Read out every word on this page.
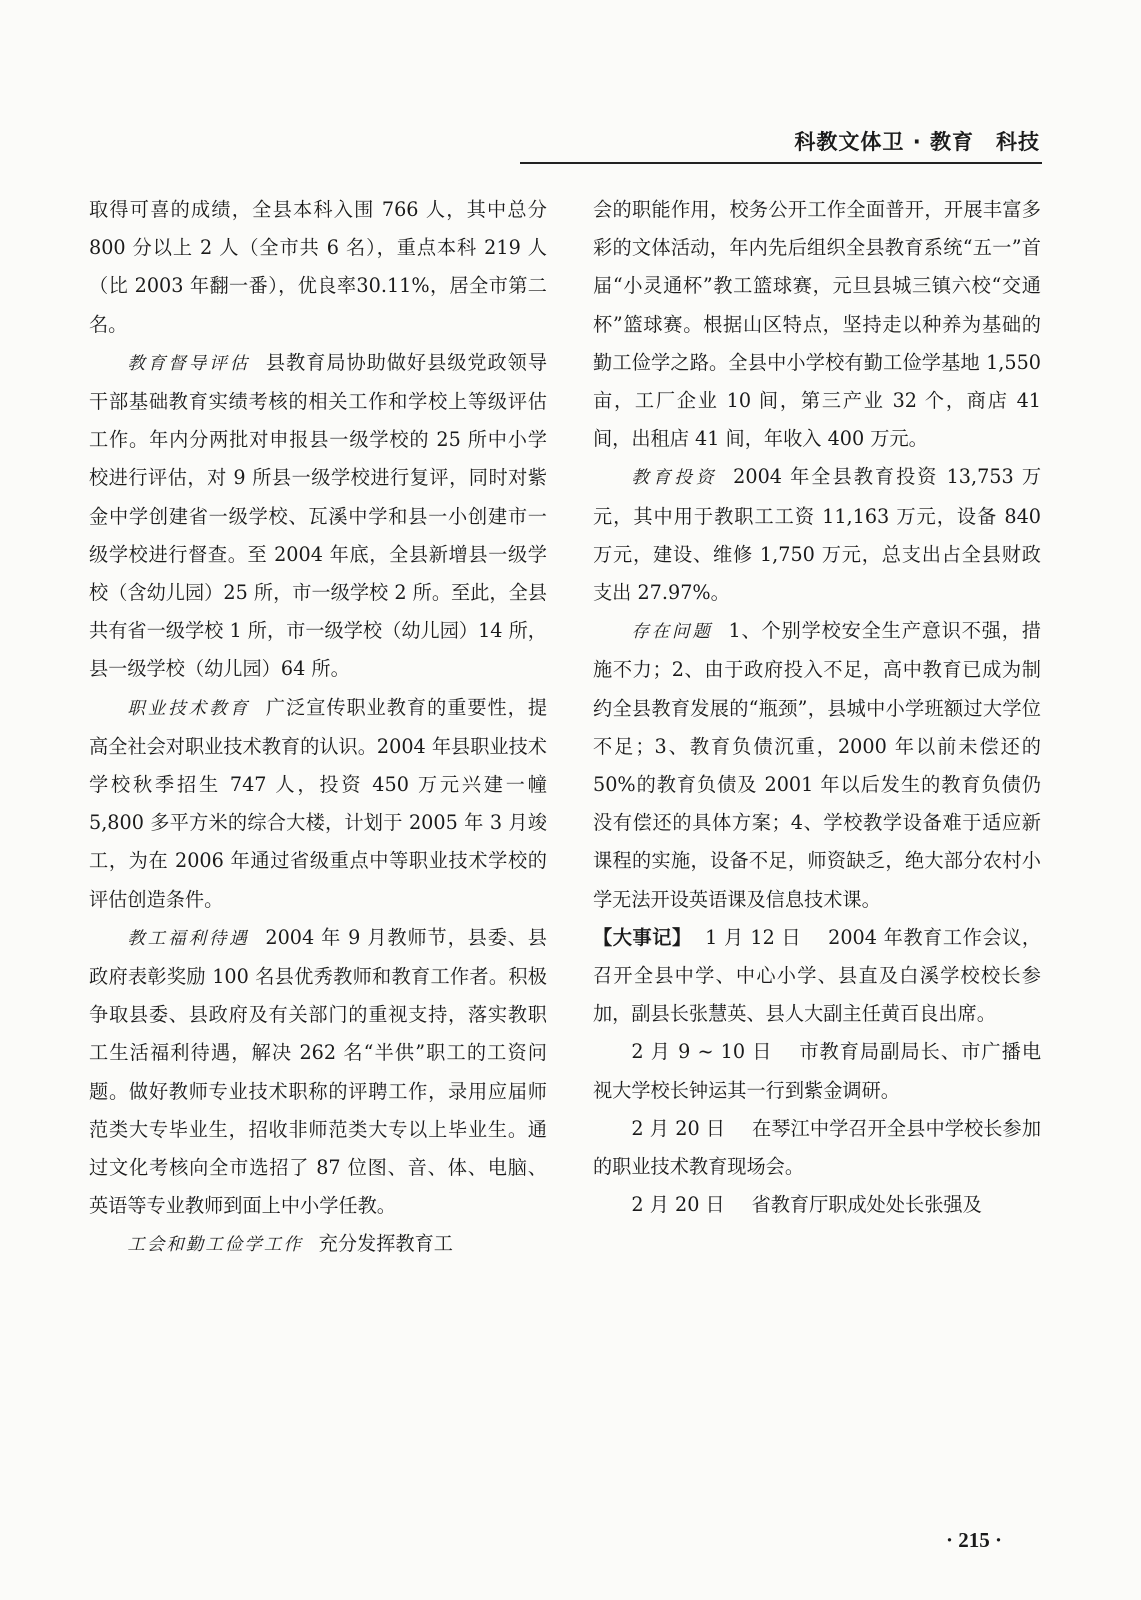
科教文体卫 · 教育　科技

取得可喜的成绩，全县本科入围 766 人，其中总分 800 分以上 2 人（全市共 6 名），重点本科 219 人（比 2003 年翻一番），优良率30.11%，居全市第二名。

教育督导评估 县教育局协助做好县级党政领导干部基础教育实绩考核的相关工作和学校上等级评估工作。年内分两批对申报县一级学校的 25 所中小学校进行评估，对 9 所县一级学校进行复评，同时对紫金中学创建省一级学校、瓦溪中学和县一小创建市一级学校进行督查。至 2004 年底，全县新增县一级学校（含幼儿园）25 所，市一级学校 2 所。至此，全县共有省一级学校 1 所，市一级学校（幼儿园）14 所，县一级学校（幼儿园）64 所。

职业技术教育 广泛宣传职业教育的重要性，提高全社会对职业技术教育的认识。2004 年县职业技术学校秋季招生 747 人，投资 450 万元兴建一幢 5,800 多平方米的综合大楼，计划于 2005 年 3 月竣工，为在 2006 年通过省级重点中等职业技术学校的评估创造条件。

教工福利待遇 2004 年 9 月教师节，县委、县政府表彰奖励 100 名县优秀教师和教育工作者。积极争取县委、县政府及有关部门的重视支持，落实教职工生活福利待遇，解决 262 名“半供”职工的工资问题。做好教师专业技术职称的评聘工作，录用应届师范类大专毕业生，招收非师范类大专以上毕业生。通过文化考核向全市选招了 87 位图、音、体、电脑、英语等专业教师到面上中小学任教。

工会和勤工俭学工作 充分发挥教育工

会的职能作用，校务公开工作全面普开，开展丰富多彩的文体活动，年内先后组织全县教育系统“五一”首届“小灵通杯”教工篮球赛，元旦县城三镇六校“交通杯”篮球赛。根据山区特点，坚持走以种养为基础的勤工俭学之路。全县中小学校有勤工俭学基地 1,550 亩，工厂企业 10 间，第三产业 32 个，商店 41 间，出租店 41 间，年收入 400 万元。

教育投资 2004 年全县教育投资 13,753 万元，其中用于教职工工资 11,163 万元，设备 840 万元，建设、维修 1,750 万元，总支出占全县财政支出 27.97%。

存在问题 1、个别学校安全生产意识不强，措施不力；2、由于政府投入不足，高中教育已成为制约全县教育发展的“瓶颈”，县城中小学班额过大学位不足；3、教育负债沉重，2000 年以前未偿还的 50%的教育负债及 2001 年以后发生的教育负债仍没有偿还的具体方案；4、学校教学设备难于适应新课程的实施，设备不足，师资缺乏，绝大部分农村小学无法开设英语课及信息技术课。

【大事记】 1 月 12 日 2004 年教育工作会议，召开全县中学、中心小学、县直及白溪学校校长参加，副县长张慧英、县人大副主任黄百良出席。

2 月 9 ~ 10 日 市教育局副局长、市广播电视大学校长钟运其一行到紫金调研。

2 月 20 日 在琴江中学召开全县中学校长参加的职业技术教育现场会。

2 月 20 日 省教育厅职成处处长张强及

· 215 ·
